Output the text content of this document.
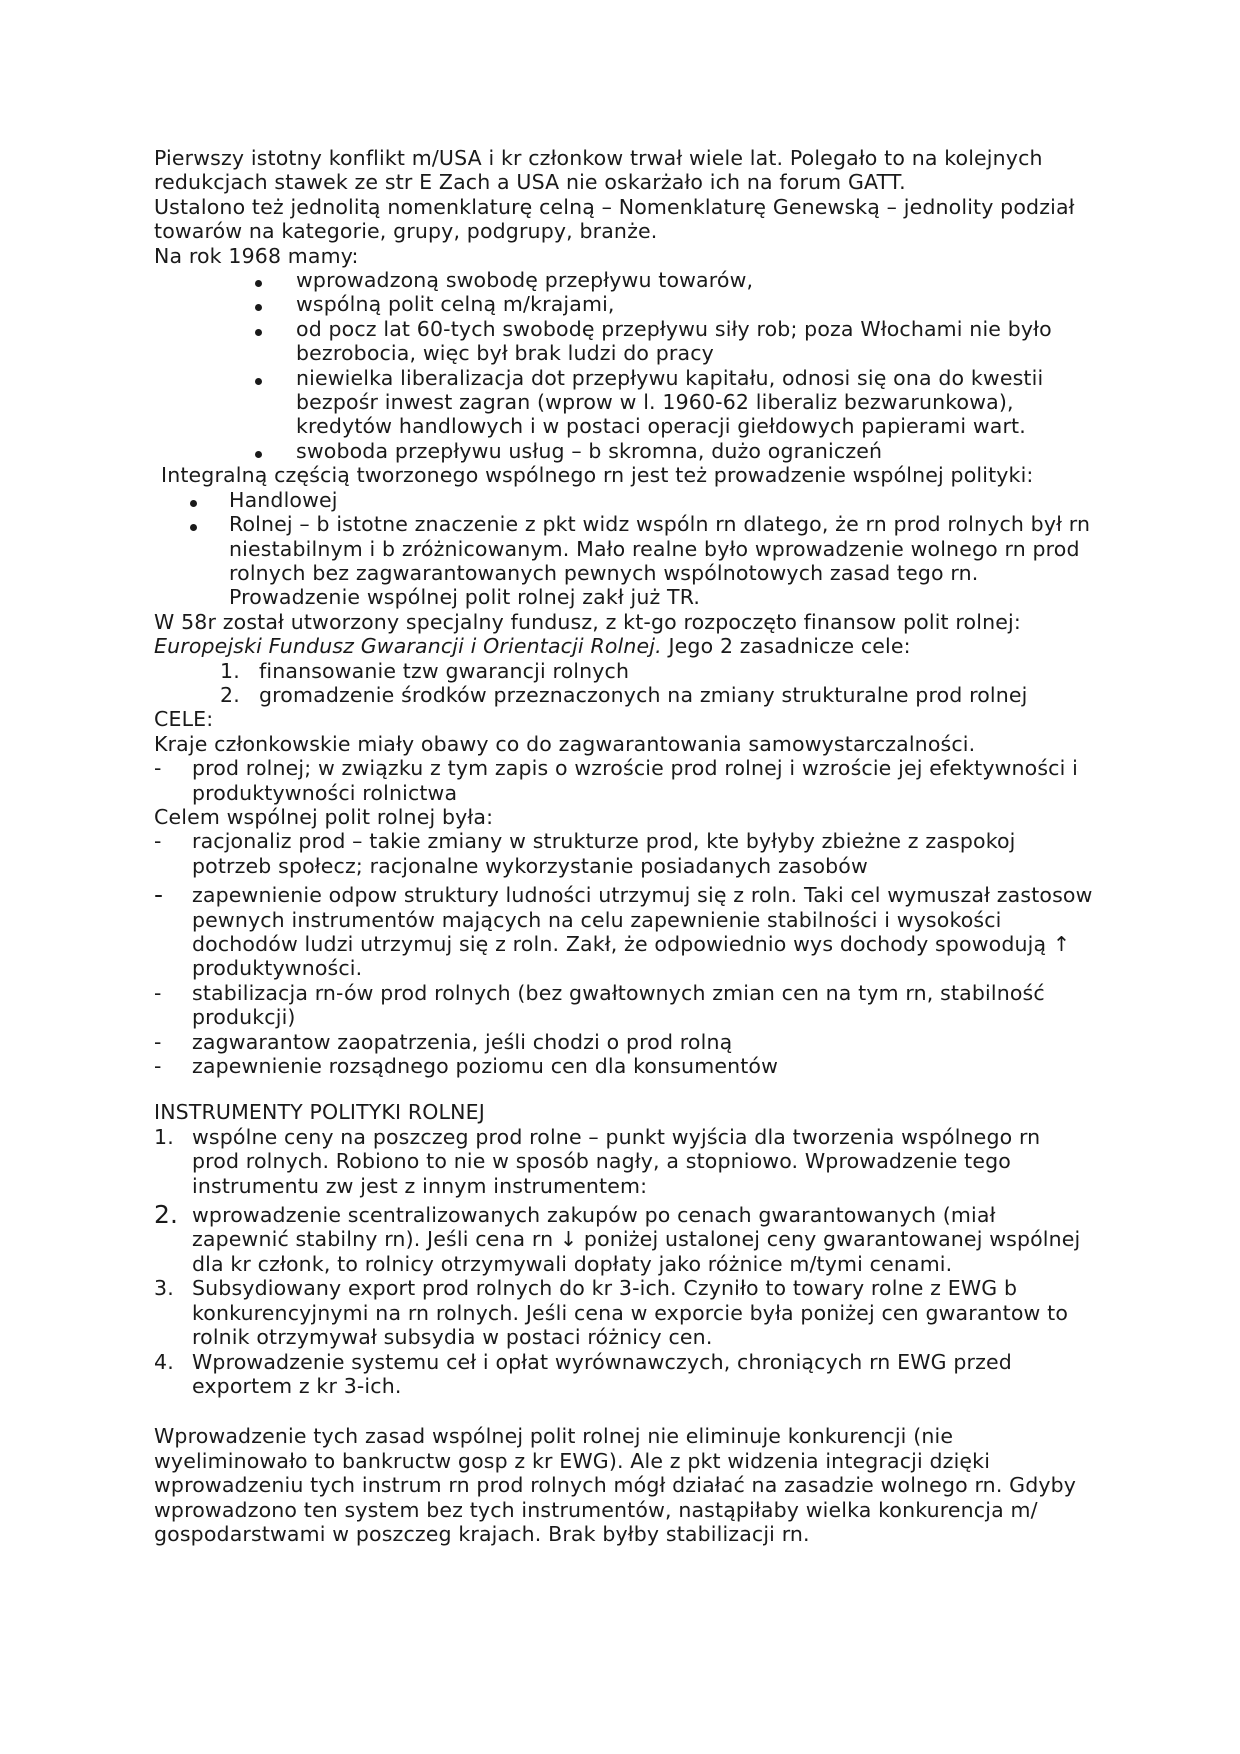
Pierwszy istotny konflikt m/USA i kr członkow trwał wiele lat. Polegało to na kolejnych redukcjach stawek ze str E Zach a USA nie oskarżało ich na forum GATT.

Ustalono też jednolitą nomenklaturę celną – Nomenklaturę Genewską – jednolity podział towarów na kategorie, grupy, podgrupy, branże.

Na rok 1968 mamy:

wprowadzoną swobodę przepływu towarów,
wspólną polit celną m/krajami,
od pocz lat 60-tych swobodę przepływu siły rob; poza Włochami nie było bezrobocia, więc był brak ludzi do pracy
niewielka liberalizacja dot przepływu kapitału, odnosi się ona do kwestii bezpośr inwest zagran (wprow w l. 1960-62 liberaliz bezwarunkowa), kredytów handlowych i w postaci operacji giełdowych papierami wart.
swoboda przepływu usług – b skromna, dużo ograniczeń

Integralną częścią tworzonego wspólnego rn jest też prowadzenie wspólnej polityki:

Handlowej
Rolnej – b istotne znaczenie z pkt widz wspóln rn dlatego, że rn prod rolnych był rn niestabilnym i b zróżnicowanym. Mało realne było wprowadzenie wolnego rn prod rolnych bez zagwarantowanych pewnych wspólnotowych zasad tego rn. Prowadzenie wspólnej polit rolnej zakł już TR.

W 58r został utworzony specjalny fundusz, z kt-go rozpoczęto finansow polit rolnej:
Europejski Fundusz Gwarancji i Orientacji Rolnej. Jego 2 zasadnicze cele:

1. finansowanie tzw gwarancji rolnych
2. gromadzenie środków przeznaczonych na zmiany strukturalne prod rolnej

CELE:

Kraje członkowskie miały obawy co do zagwarantowania samowystarczalności.

- prod rolnej; w związku z tym zapis o wzroście prod rolnej i wzroście jej efektywności i produktywności rolnictwa

Celem wspólnej polit rolnej była:

- racjonaliz prod – takie zmiany w strukturze prod, kte byłyby zbieżne z zaspokoj potrzeb społecz; racjonalne wykorzystanie posiadanych zasobów
- zapewnienie odpow struktury ludności utrzymuj się z roln. Taki cel wymuszał zastosow pewnych instrumentów mających na celu zapewnienie stabilności i wysokości dochodów ludzi utrzymuj się z roln. Zakł, że odpowiednio wys dochody spowodują ↑ produktywności.
- stabilizacja rn-ów prod rolnych (bez gwałtownych zmian cen na tym rn, stabilność produkcji)
- zagwarantow zaopatrzenia, jeśli chodzi o prod rolną
- zapewnienie rozsądnego poziomu cen dla konsumentów

INSTRUMENTY POLITYKI ROLNEJ

1. wspólne ceny na poszczeg prod rolne – punkt wyjścia dla tworzenia wspólnego rn prod rolnych. Robiono to nie w sposób nagły, a stopniowo. Wprowadzenie tego instrumentu zw jest z innym instrumentem:
2. wprowadzenie scentralizowanych zakupów po cenach gwarantowanych (miał zapewnić stabilny rn). Jeśli cena rn ↓ poniżej ustalonej ceny gwarantowanej wspólnej dla kr członk, to rolnicy otrzymywali dopłaty jako różnice m/tymi cenami.
3. Subsydiowany export prod rolnych do kr 3-ich. Czyniło to towary rolne z EWG b konkurencyjnymi na rn rolnych. Jeśli cena w exporcie była poniżej cen gwarantow to rolnik otrzymywał subsydia w postaci różnicy cen.
4. Wprowadzenie systemu ceł i opłat wyrównawczych, chroniących rn EWG przed exportem z kr 3-ich.

Wprowadzenie tych zasad wspólnej polit rolnej nie eliminuje konkurencji (nie wyeliminowało to bankructw gosp z kr EWG). Ale z pkt widzenia integracji dzięki wprowadzeniu tych instrum rn prod rolnych mógł działać na zasadzie wolnego rn. Gdyby wprowadzono ten system bez tych instrumentów, nastąpiłaby wielka konkurencja m/ gospodarstwami w poszczeg krajach. Brak byłby stabilizacji rn.
